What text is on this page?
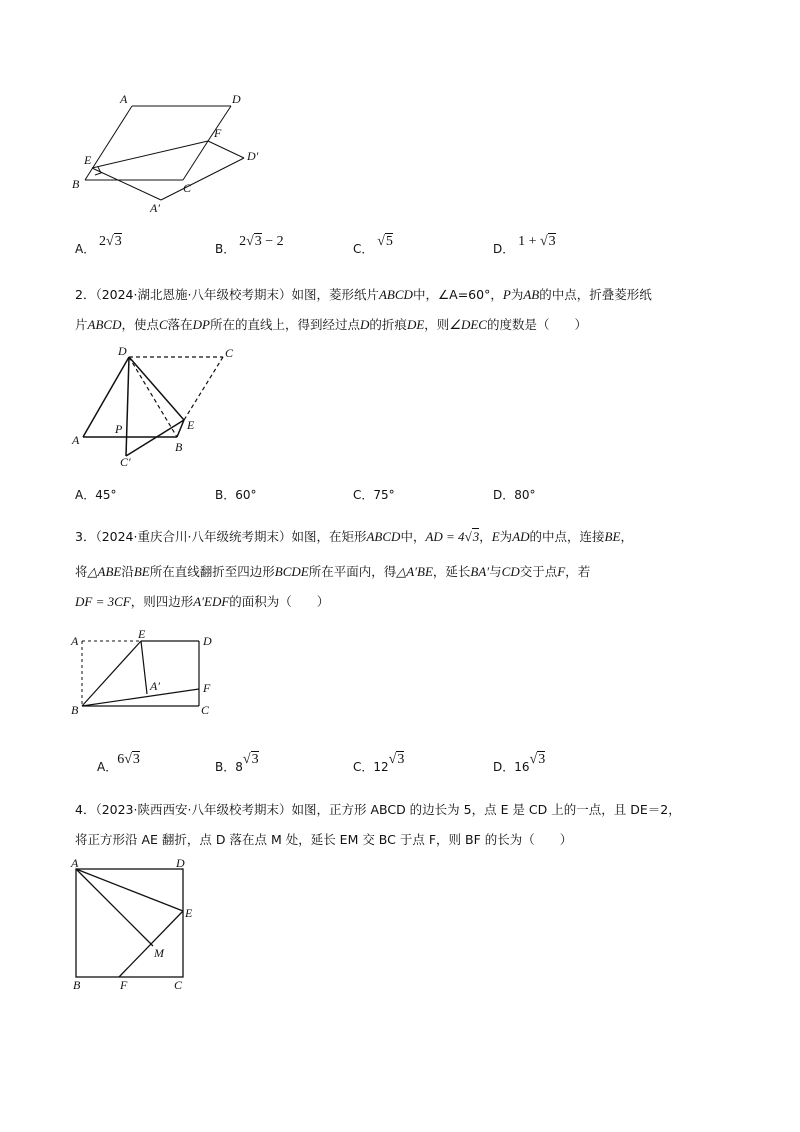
A	D
F
D′
E
B	C
A′
A． 2√3	B． 2√3 − 2	C． √5	D． 1 + √3
2．（2024·湖北恩施·八年级校考期末）如图，菱形纸片ABCD中，∠A=60°，P为AB的中点，折叠菱形纸
片ABCD，使点C落在DP所在的直线上，得到经过点D的折痕DE，则∠DEC的度数是（　　）
D	C
P	E
A
C′
B
A．45°	B．60°	C．75°	D．80°
3．（2024·重庆合川·八年级统考期末）如图，在矩形ABCD中，AD = 4√3，E为AD的中点，连接BE，
将△ABE沿BE所在直线翻折至四边形BCDE所在平面内，得△A′BE，延长BA′与CD交于点F，若
DF = 3CF，则四边形A′EDF的面积为（　　）
A	E	D
A′	F
B	C
A．6√3	B．8√3	C．12√3	D．16√3
4．（2023·陕西西安·八年级校考期末）如图，正方形 ABCD 的边长为 5，点 E 是 CD 上的一点，且 DE＝2，
将正方形沿 AE 翻折，点 D 落在点 M 处，延长 EM 交 BC 于点 F，则 BF 的长为（　　）
A	D
E
M
B	F	C
